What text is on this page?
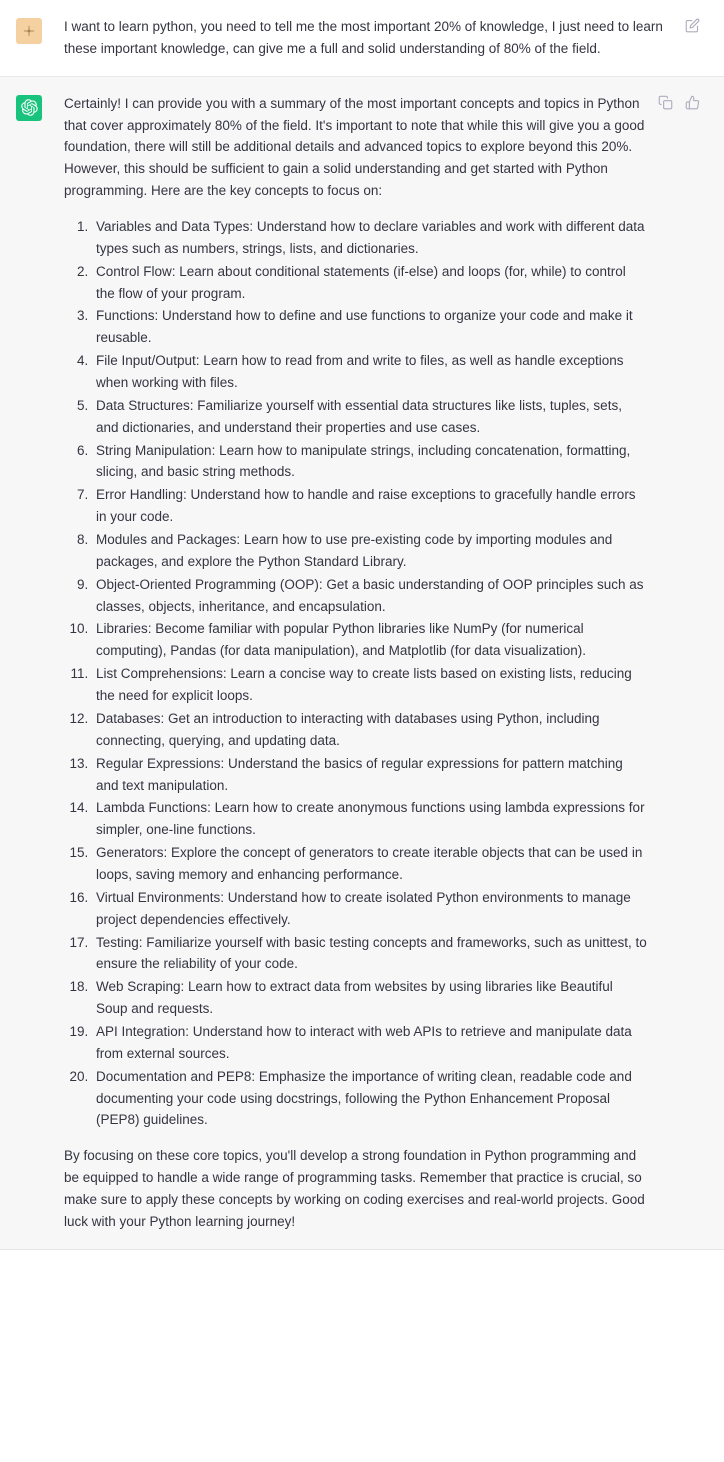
I want to learn python, you need to tell me the most important 20% of knowledge, I just need to learn these important knowledge, can give me a full and solid understanding of 80% of the field.

Certainly! I can provide you with a summary of the most important concepts and topics in Python that cover approximately 80% of the field. It's important to note that while this will give you a good foundation, there will still be additional details and advanced topics to explore beyond this 20%. However, this should be sufficient to gain a solid understanding and get started with Python programming. Here are the key concepts to focus on:

1. Variables and Data Types: Understand how to declare variables and work with different data types such as numbers, strings, lists, and dictionaries.
2. Control Flow: Learn about conditional statements (if-else) and loops (for, while) to control the flow of your program.
3. Functions: Understand how to define and use functions to organize your code and make it reusable.
4. File Input/Output: Learn how to read from and write to files, as well as handle exceptions when working with files.
5. Data Structures: Familiarize yourself with essential data structures like lists, tuples, sets, and dictionaries, and understand their properties and use cases.
6. String Manipulation: Learn how to manipulate strings, including concatenation, formatting, slicing, and basic string methods.
7. Error Handling: Understand how to handle and raise exceptions to gracefully handle errors in your code.
8. Modules and Packages: Learn how to use pre-existing code by importing modules and packages, and explore the Python Standard Library.
9. Object-Oriented Programming (OOP): Get a basic understanding of OOP principles such as classes, objects, inheritance, and encapsulation.
10. Libraries: Become familiar with popular Python libraries like NumPy (for numerical computing), Pandas (for data manipulation), and Matplotlib (for data visualization).
11. List Comprehensions: Learn a concise way to create lists based on existing lists, reducing the need for explicit loops.
12. Databases: Get an introduction to interacting with databases using Python, including connecting, querying, and updating data.
13. Regular Expressions: Understand the basics of regular expressions for pattern matching and text manipulation.
14. Lambda Functions: Learn how to create anonymous functions using lambda expressions for simpler, one-line functions.
15. Generators: Explore the concept of generators to create iterable objects that can be used in loops, saving memory and enhancing performance.
16. Virtual Environments: Understand how to create isolated Python environments to manage project dependencies effectively.
17. Testing: Familiarize yourself with basic testing concepts and frameworks, such as unittest, to ensure the reliability of your code.
18. Web Scraping: Learn how to extract data from websites by using libraries like Beautiful Soup and requests.
19. API Integration: Understand how to interact with web APIs to retrieve and manipulate data from external sources.
20. Documentation and PEP8: Emphasize the importance of writing clean, readable code and documenting your code using docstrings, following the Python Enhancement Proposal (PEP8) guidelines.

By focusing on these core topics, you'll develop a strong foundation in Python programming and be equipped to handle a wide range of programming tasks. Remember that practice is crucial, so make sure to apply these concepts by working on coding exercises and real-world projects. Good luck with your Python learning journey!
